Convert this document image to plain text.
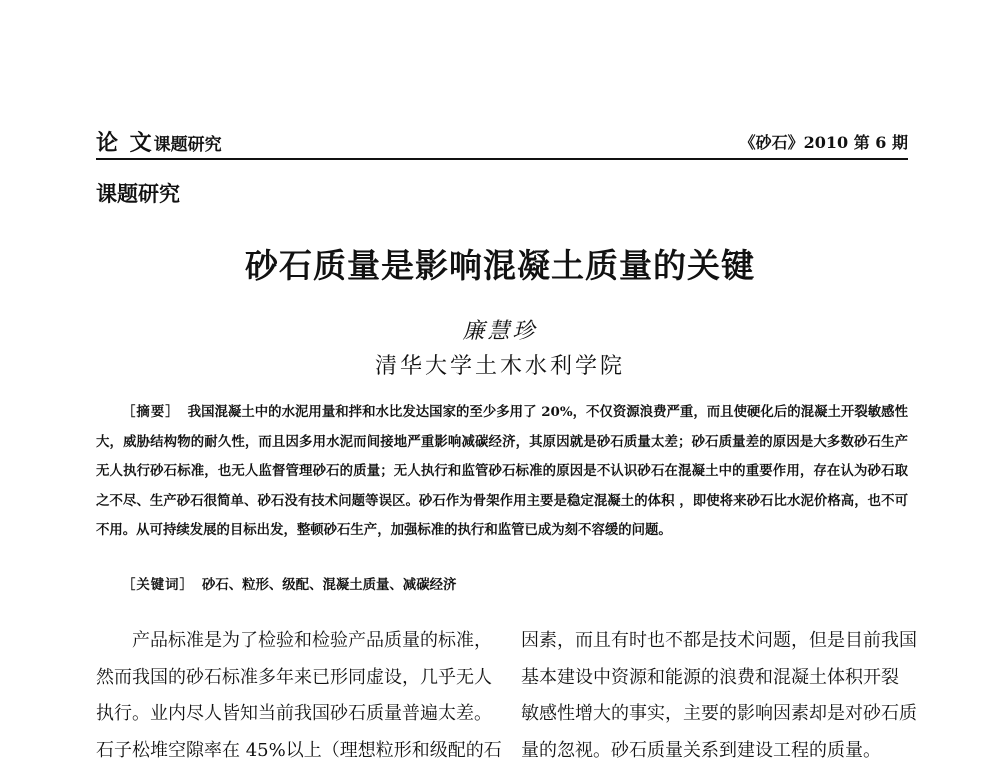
论 文课题研究	《砂石》2010 第 6 期
课题研究
砂石质量是影响混凝土质量的关键
廉慧珍
清华大学土木水利学院
［摘要］ 我国混凝土中的水泥用量和拌和水比发达国家的至少多用了 20%，不仅资源浪费严重，而且使硬化后的混凝土开裂敏感性大，威胁结构物的耐久性，而且因多用水泥而间接地严重影响减碳经济，其原因就是砂石质量太差；砂石质量差的原因是大多数砂石生产无人执行砂石标准，也无人监督管理砂石的质量；无人执行和监管砂石标准的原因是不认识砂石在混凝土中的重要作用，存在认为砂石取之不尽、生产砂石很简单、砂石没有技术问题等误区。砂石作为骨架作用主要是稳定混凝土的体积 ，即使将来砂石比水泥价格高，也不可不用。从可持续发展的目标出发，整顿砂石生产，加强标准的执行和监管已成为刻不容缓的问题。
［关键词］ 砂石、粒形、级配、混凝土质量、减碳经济
产品标准是为了检验和检验产品质量的标准，
然而我国的砂石标准多年来已形同虚设，几乎无人
执行。业内尽人皆知当前我国砂石质量普遍太差。
石子松堆空隙率在 45%以上（理想粒形和级配的石
因素，而且有时也不都是技术问题，但是目前我国
基本建设中资源和能源的浪费和混凝土体积开裂
敏感性增大的事实，主要的影响因素却是对砂石质
量的忽视。砂石质量关系到建设工程的质量。
